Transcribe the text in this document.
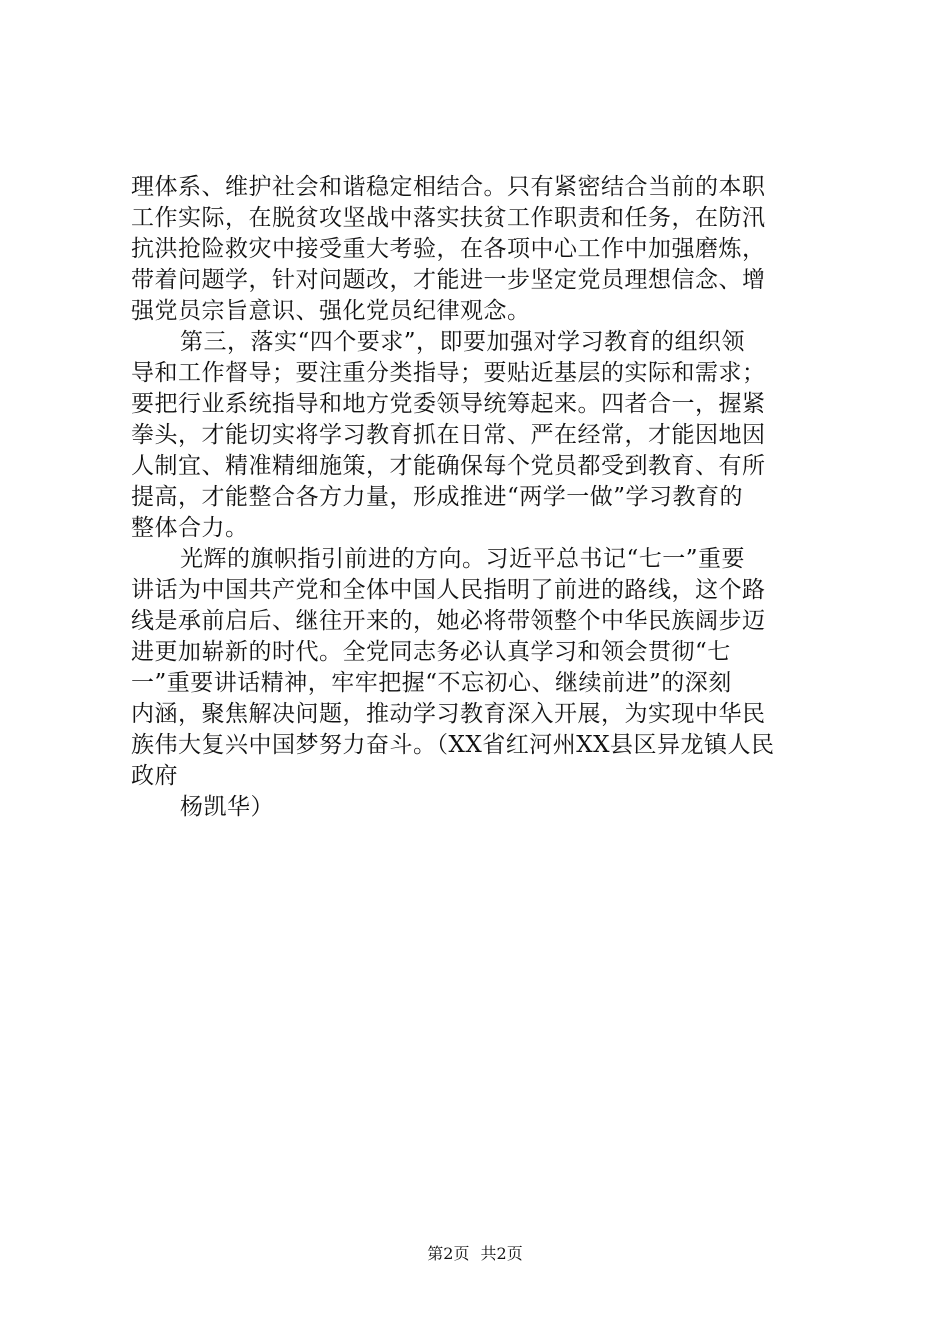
理体系、维护社会和谐稳定相结合。只有紧密结合当前的本职
工作实际，在脱贫攻坚战中落实扶贫工作职责和任务，在防汛
抗洪抢险救灾中接受重大考验，在各项中心工作中加强磨炼，
带着问题学，针对问题改，才能进一步坚定党员理想信念、增
强党员宗旨意识、强化党员纪律观念。
第三，落实“四个要求”，即要加强对学习教育的组织领
导和工作督导；要注重分类指导；要贴近基层的实际和需求；
要把行业系统指导和地方党委领导统筹起来。四者合一，握紧
拳头，才能切实将学习教育抓在日常、严在经常，才能因地因
人制宜、精准精细施策，才能确保每个党员都受到教育、有所
提高，才能整合各方力量，形成推进“两学一做”学习教育的
整体合力。
光辉的旗帜指引前进的方向。习近平总书记“七一”重要
讲话为中国共产党和全体中国人民指明了前进的路线，这个路
线是承前启后、继往开来的，她必将带领整个中华民族阔步迈
进更加崭新的时代。全党同志务必认真学习和领会贯彻“七
一”重要讲话精神，牢牢把握“不忘初心、继续前进”的深刻
内涵，聚焦解决问题，推动学习教育深入开展，为实现中华民
族伟大复兴中国梦努力奋斗。（XX省红河州XX县区异龙镇人民
政府
杨凯华）
第2页 共2页
